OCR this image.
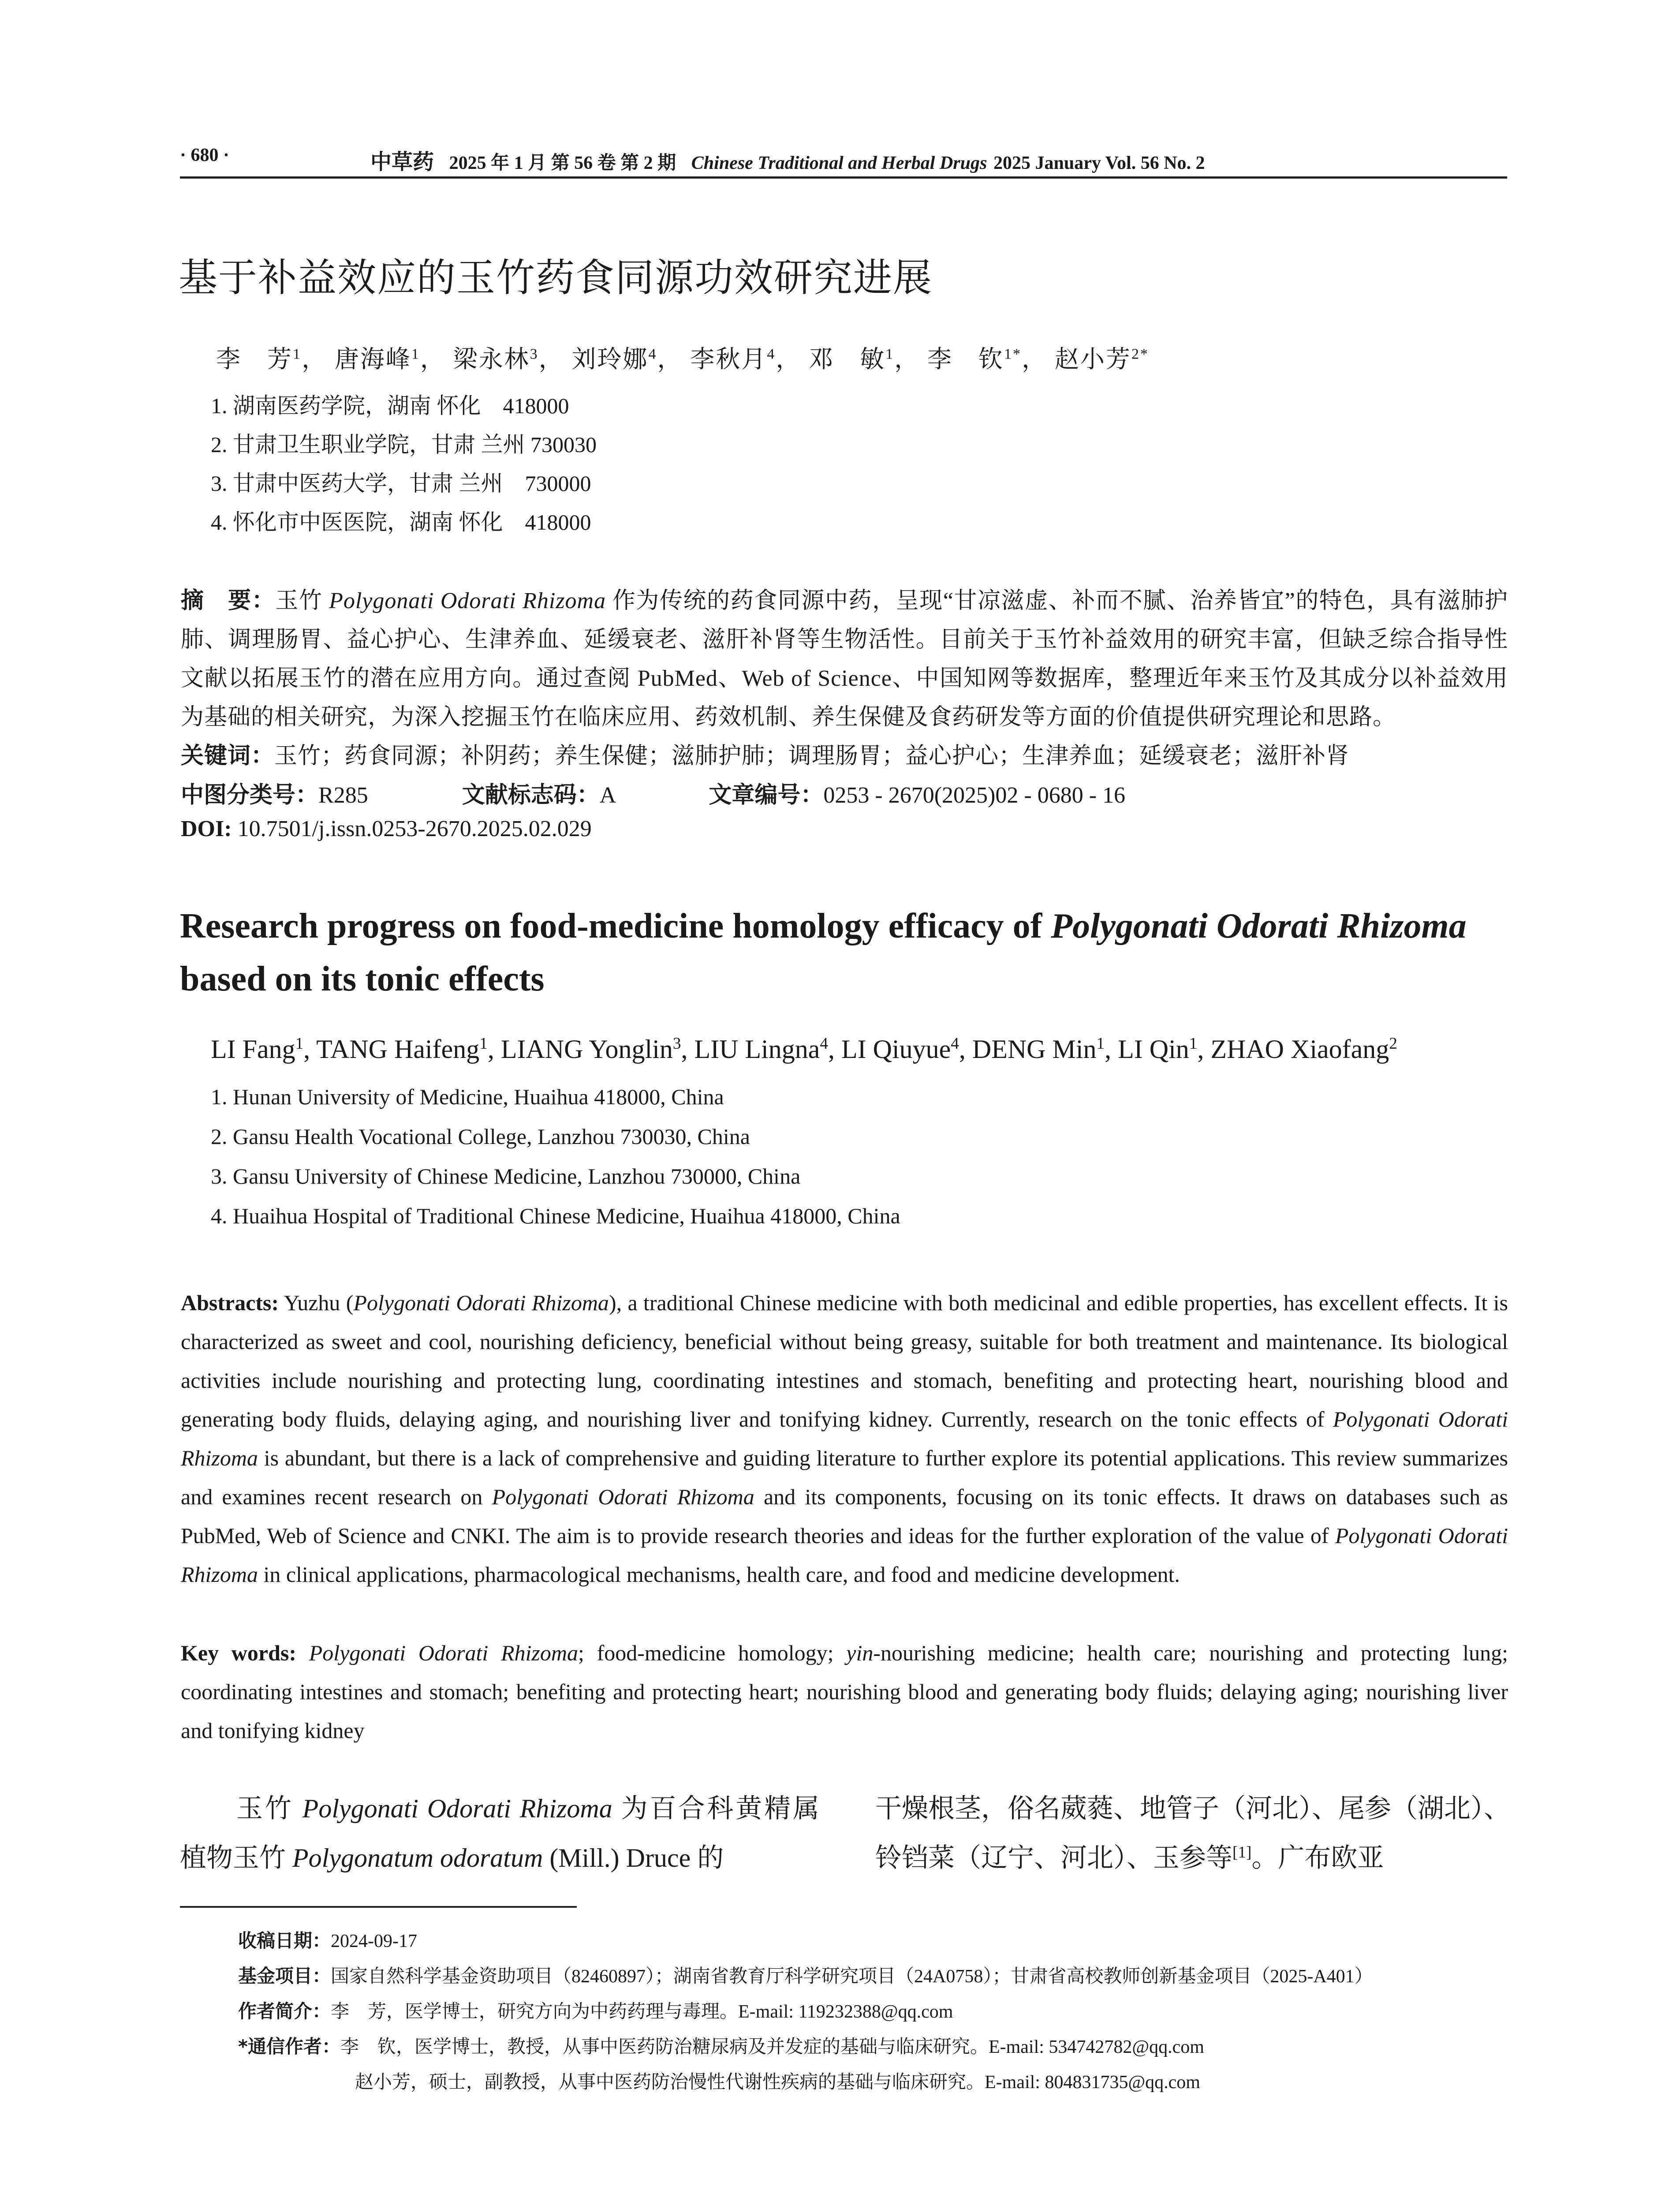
· 680 ·	中草药 2025 年 1 月 第 56 卷 第 2 期 Chinese Traditional and Herbal Drugs 2025 January Vol. 56 No. 2
基于补益效应的玉竹药食同源功效研究进展
李　芳$^1$， 唐海峰$^1$， 梁永林$^3$， 刘玲娜$^4$， 李秋月$^4$， 邓　敏$^1$， 李　钦$^{1*}$， 赵小芳$^{2*}$
1. 湖南医药学院，湖南 怀化　418000
2. 甘肃卫生职业学院，甘肃 兰州 730030
3. 甘肃中医药大学，甘肃 兰州　730000
4. 怀化市中医医院，湖南 怀化　418000
摘　要：玉竹 Polygonati Odorati Rhizoma 作为传统的药食同源中药，呈现“甘凉滋虚、补而不腻、治养皆宜”的特色，具有滋肺护肺、调理肠胃、益心护心、生津养血、延缓衰老、滋肝补肾等生物活性。目前关于玉竹补益效用的研究丰富，但缺乏综合指导性文献以拓展玉竹的潜在应用方向。通过查阅 PubMed、Web of Science、中国知网等数据库，整理近年来玉竹及其成分以补益效用为基础的相关研究，为深入挖掘玉竹在临床应用、药效机制、养生保健及食药研发等方面的价值提供研究理论和思路。
关键词：玉竹；药食同源；补阴药；养生保健；滋肺护肺；调理肠胃；益心护心；生津养血；延缓衰老；滋肝补肾
中图分类号：R285	文献标志码：A	文章编号：0253 - 2670(2025)02 - 0680 - 16
DOI: 10.7501/j.issn.0253-2670.2025.02.029
Research progress on food-medicine homology efficacy of Polygonati Odorati Rhizoma based on its tonic effects
LI Fang$^1$, TANG Haifeng$^1$, LIANG Yonglin$^3$, LIU Lingna$^4$, LI Qiuyue$^4$, DENG Min$^1$, LI Qin$^1$, ZHAO Xiaofang$^2$
1. Hunan University of Medicine, Huaihua 418000, China
2. Gansu Health Vocational College, Lanzhou 730030, China
3. Gansu University of Chinese Medicine, Lanzhou 730000, China
4. Huaihua Hospital of Traditional Chinese Medicine, Huaihua 418000, China
Abstracts: Yuzhu (Polygonati Odorati Rhizoma), a traditional Chinese medicine with both medicinal and edible properties, has excellent effects. It is characterized as sweet and cool, nourishing deficiency, beneficial without being greasy, suitable for both treatment and maintenance. Its biological activities include nourishing and protecting lung, coordinating intestines and stomach, benefiting and protecting heart, nourishing blood and generating body fluids, delaying aging, and nourishing liver and tonifying kidney. Currently, research on the tonic effects of Polygonati Odorati Rhizoma is abundant, but there is a lack of comprehensive and guiding literature to further explore its potential applications. This review summarizes and examines recent research on Polygonati Odorati Rhizoma and its components, focusing on its tonic effects. It draws on databases such as PubMed, Web of Science and CNKI. The aim is to provide research theories and ideas for the further exploration of the value of Polygonati Odorati Rhizoma in clinical applications, pharmacological mechanisms, health care, and food and medicine development.
Key words: Polygonati Odorati Rhizoma; food-medicine homology; yin-nourishing medicine; health care; nourishing and protecting lung; coordinating intestines and stomach; benefiting and protecting heart; nourishing blood and generating body fluids; delaying aging; nourishing liver and tonifying kidney
玉竹 Polygonati Odorati Rhizoma 为百合科黄精属植物玉竹 Polygonatum odoratum (Mill.) Druce 的
干燥根茎，俗名葳蕤、地管子（河北）、尾参（湖北）、铃铛菜（辽宁、河北）、玉参等[1]。广布欧亚
收稿日期：2024-09-17
基金项目：国家自然科学基金资助项目（82460897）；湖南省教育厅科学研究项目（24A0758）；甘肃省高校教师创新基金项目（2025-A401）
作者简介：李　芳，医学博士，研究方向为中药药理与毒理。E-mail: 119232388@qq.com
*通信作者：李　钦，医学博士，教授，从事中医药防治糖尿病及并发症的基础与临床研究。E-mail: 534742782@qq.com
赵小芳，硕士，副教授，从事中医药防治慢性代谢性疾病的基础与临床研究。E-mail: 804831735@qq.com
